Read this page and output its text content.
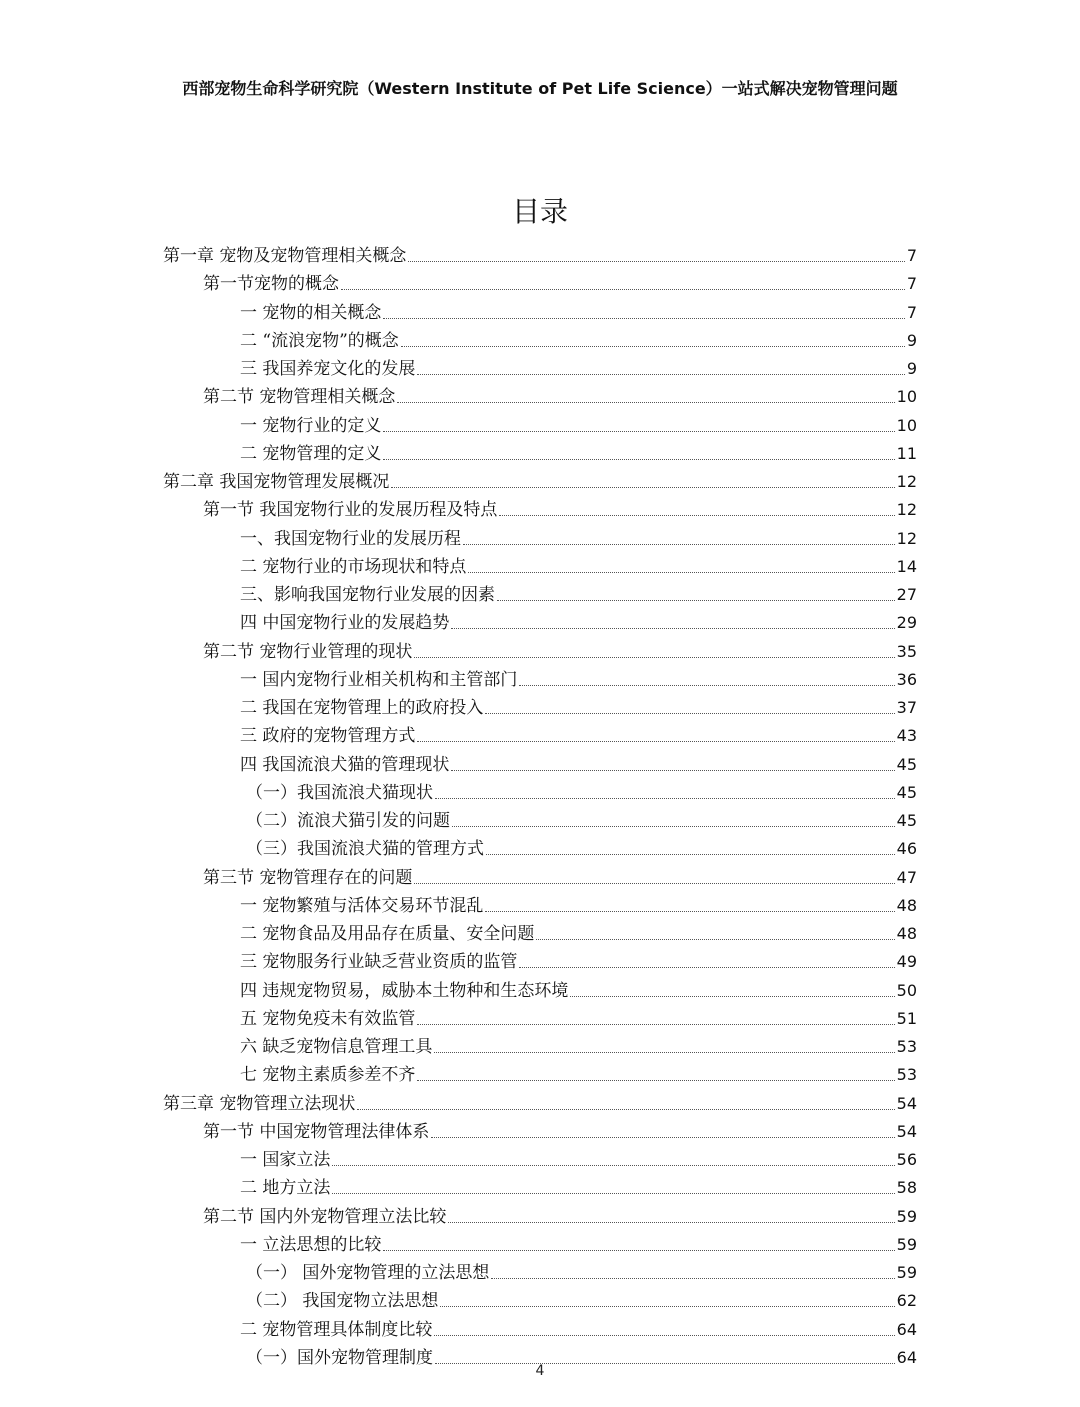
西部宠物生命科学研究院（Western Institute of Pet Life Science）一站式解决宠物管理问题
目录
第一章 宠物及宠物管理相关概念	7
第一节宠物的概念	7
一 宠物的相关概念	7
二 “流浪宠物”的概念	9
三 我国养宠文化的发展	9
第二节 宠物管理相关概念	10
一 宠物行业的定义	10
二 宠物管理的定义	11
第二章 我国宠物管理发展概况	12
第一节 我国宠物行业的发展历程及特点	12
一、我国宠物行业的发展历程	12
二 宠物行业的市场现状和特点	14
三、影响我国宠物行业发展的因素	27
四 中国宠物行业的发展趋势	29
第二节 宠物行业管理的现状	35
一 国内宠物行业相关机构和主管部门	36
二 我国在宠物管理上的政府投入	37
三 政府的宠物管理方式	43
四 我国流浪犬猫的管理现状	45
（一）我国流浪犬猫现状	45
（二）流浪犬猫引发的问题	45
（三）我国流浪犬猫的管理方式	46
第三节 宠物管理存在的问题	47
一 宠物繁殖与活体交易环节混乱	48
二 宠物食品及用品存在质量、安全问题	48
三 宠物服务行业缺乏营业资质的监管	49
四 违规宠物贸易，威胁本土物种和生态环境	50
五 宠物免疫未有效监管	51
六 缺乏宠物信息管理工具	53
七 宠物主素质参差不齐	53
第三章 宠物管理立法现状	54
第一节 中国宠物管理法律体系	54
一 国家立法	56
二 地方立法	58
第二节 国内外宠物管理立法比较	59
一 立法思想的比较	59
（一） 国外宠物管理的立法思想	59
（二） 我国宠物立法思想	62
二 宠物管理具体制度比较	64
（一）国外宠物管理制度	64
4
